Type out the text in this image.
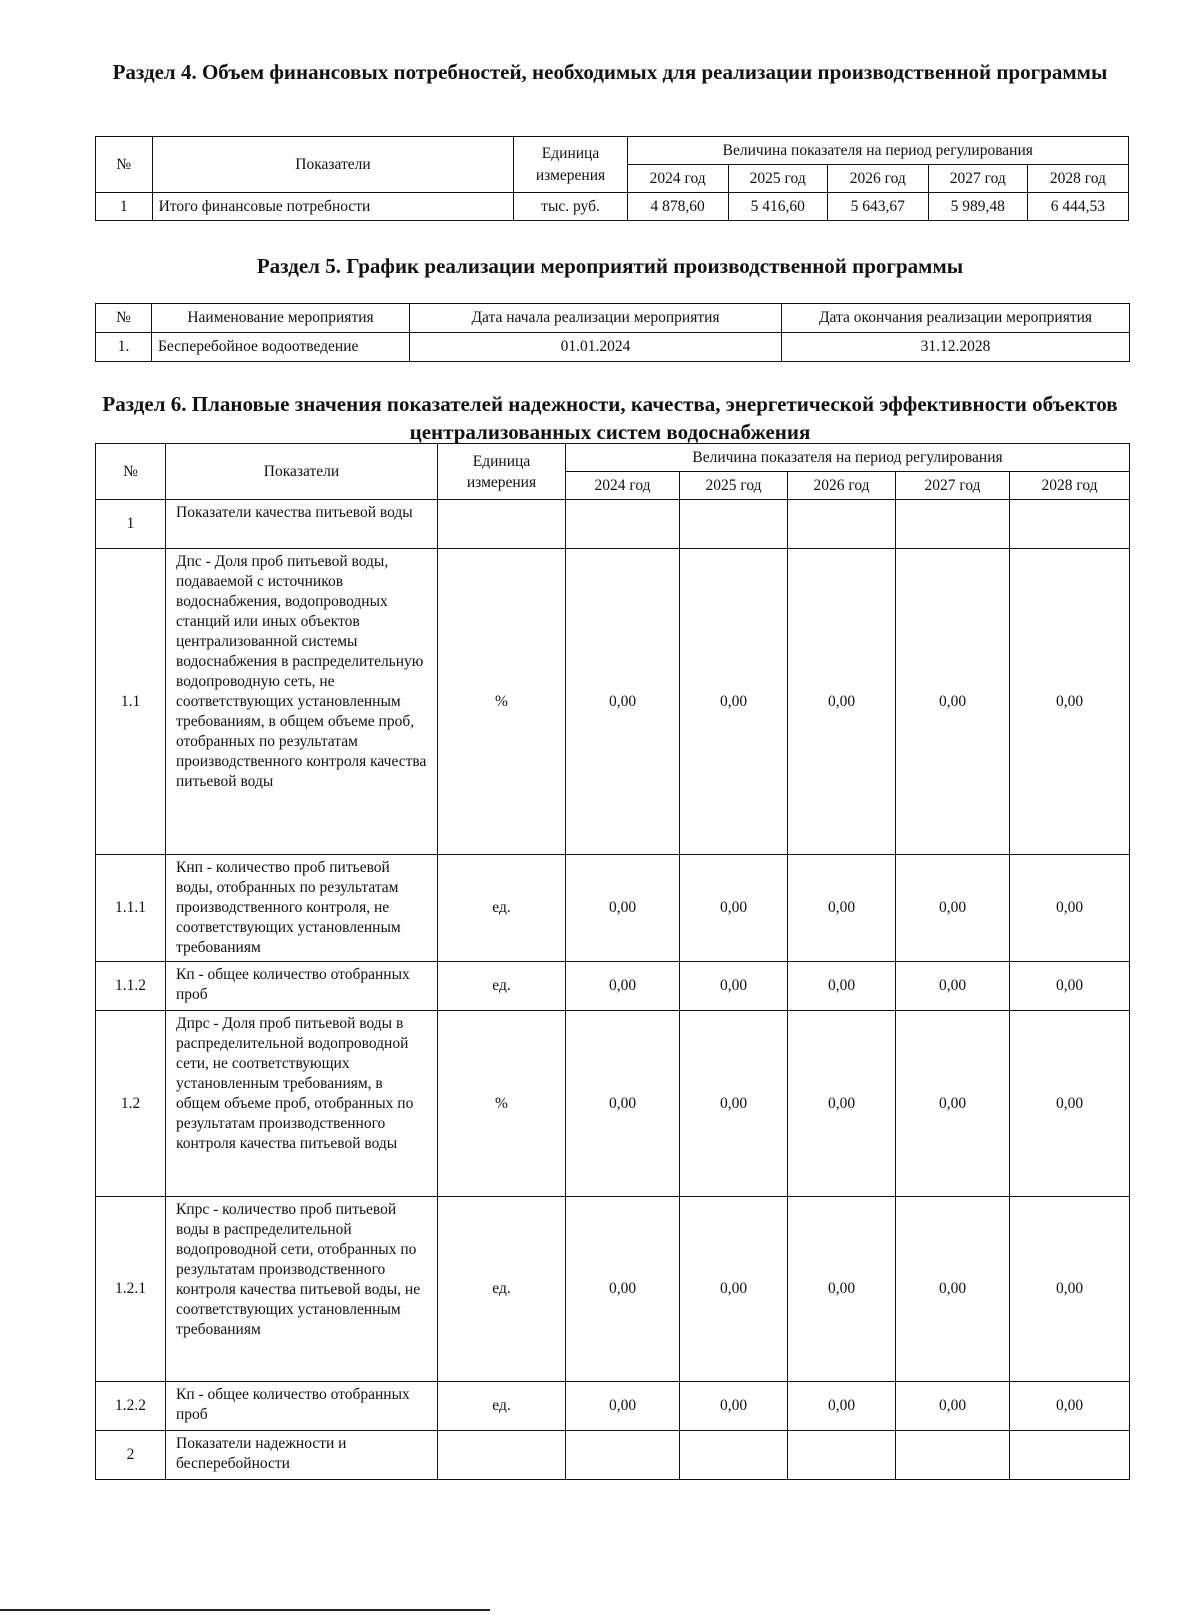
Раздел 4. Объем финансовых потребностей, необходимых для реализации производственной программы
№	Показатели	Единица измерения	Величина показателя на период регулирования				
			2024 год	2025 год	2026 год	2027 год	2028 год
1	Итого финансовые потребности	тыс. руб.	4 878,60	5 416,60	5 643,67	5 989,48	6 444,53
Раздел 5. График реализации мероприятий производственной программы
№	Наименование мероприятия	Дата начала реализации мероприятия	Дата окончания реализации мероприятия
1.	Бесперебойное водоотведение	01.01.2024	31.12.2028
Раздел 6. Плановые значения показателей надежности, качества, энергетической эффективности объектов централизованных систем водоснабжения
№	Показатели	Единица измерения	Величина показателя на период регулирования				
			2024 год	2025 год	2026 год	2027 год	2028 год
1	Показатели качества питьевой воды						
1.1	Дпс - Доля проб питьевой воды, подаваемой с источников водоснабжения, водопроводных станций или иных объектов централизованной системы водоснабжения в распределительную водопроводную сеть, не соответствующих установленным требованиям, в общем объеме проб, отобранных по результатам производственного контроля качества питьевой воды	%	0,00	0,00	0,00	0,00	0,00
1.1.1	Кнп - количество проб питьевой воды, отобранных по результатам производственного контроля, не соответствующих установленным требованиям	ед.	0,00	0,00	0,00	0,00	0,00
1.1.2	Кп - общее количество отобранных проб	ед.	0,00	0,00	0,00	0,00	0,00
1.2	Дпрс - Доля проб питьевой воды в распределительной водопроводной сети, не соответствующих установленным требованиям, в общем объеме проб, отобранных по результатам производственного контроля качества питьевой воды	%	0,00	0,00	0,00	0,00	0,00
1.2.1	Кпрс - количество проб питьевой воды в распределительной водопроводной сети, отобранных по результатам производственного контроля качества питьевой воды, не соответствующих установленным требованиям	ед.	0,00	0,00	0,00	0,00	0,00
1.2.2	Кп - общее количество отобранных проб	ед.	0,00	0,00	0,00	0,00	0,00
2	Показатели надежности и бесперебойности						
